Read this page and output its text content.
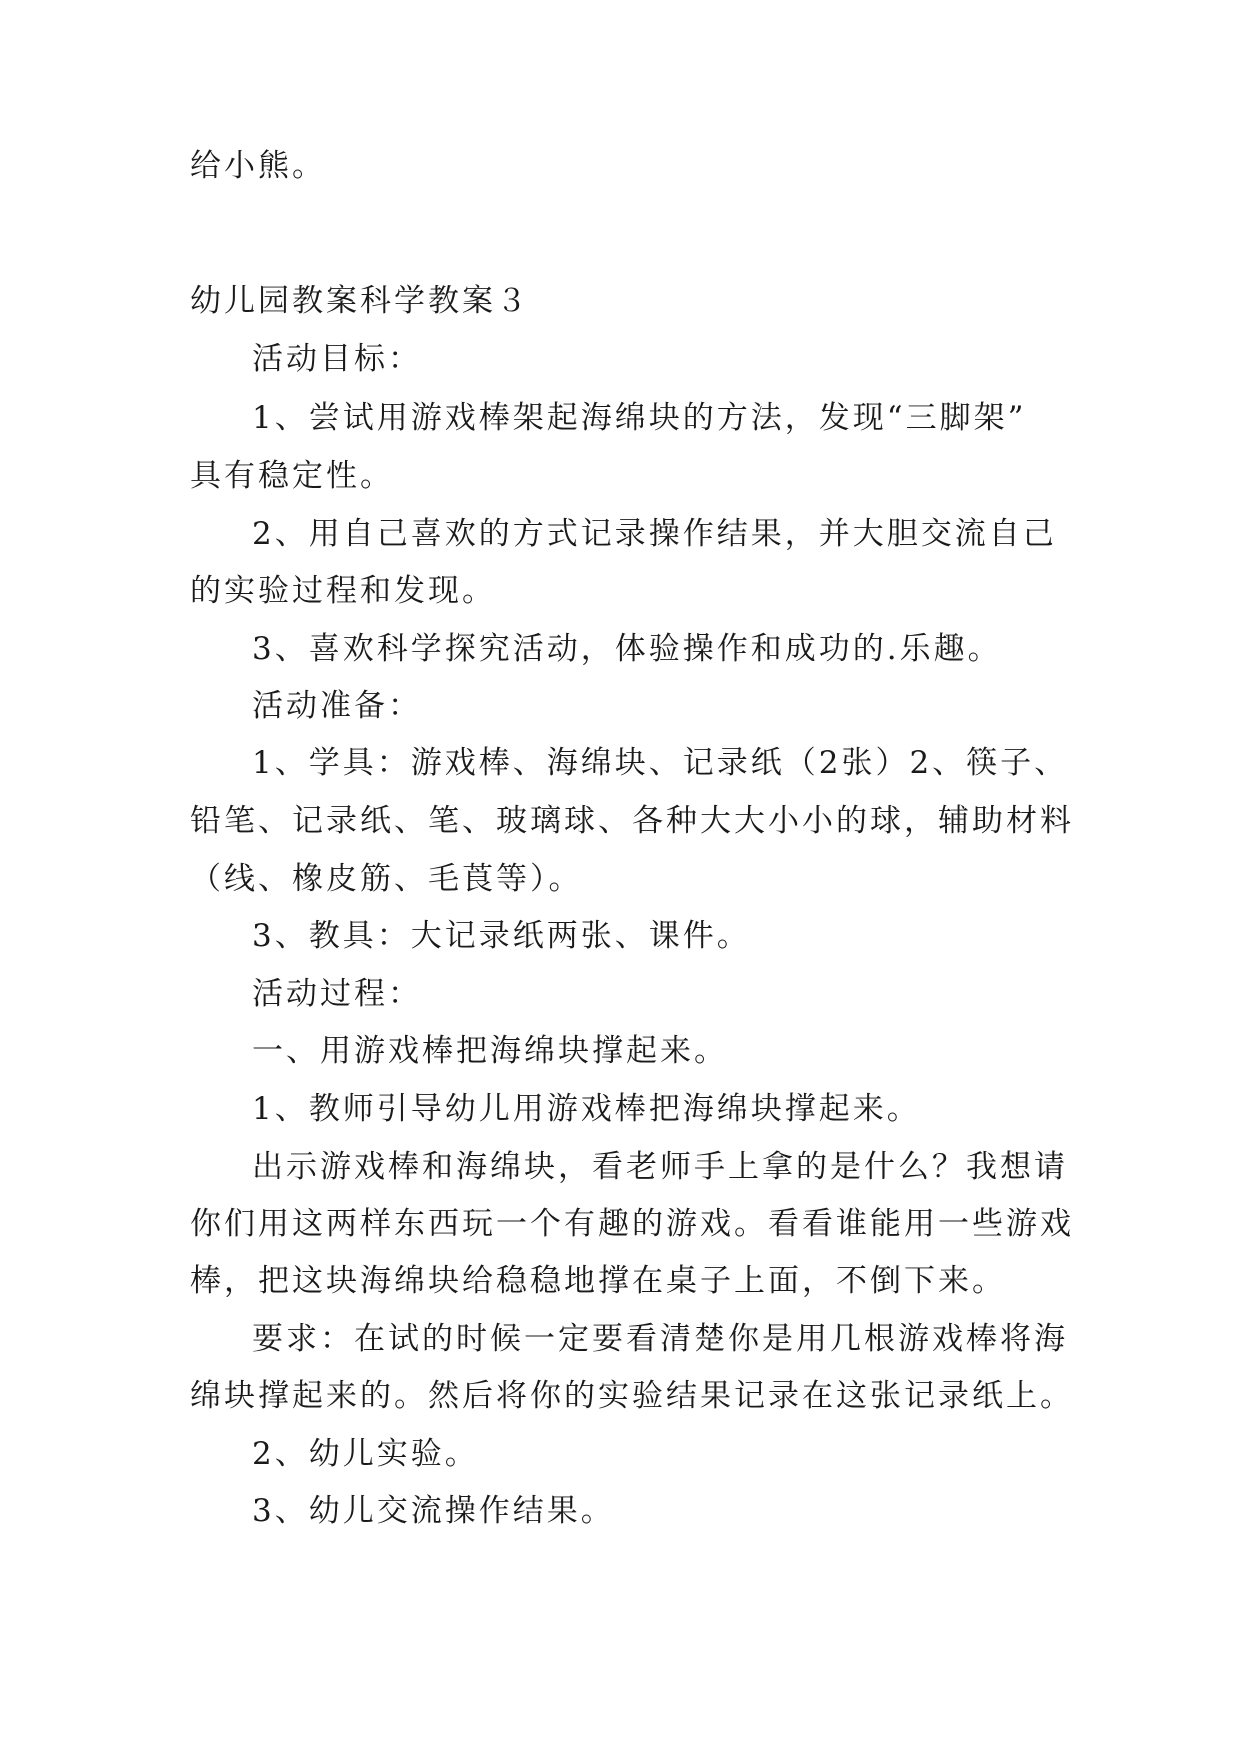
给小熊。
幼儿园教案科学教案３
活动目标：
1、尝试用游戏棒架起海绵块的方法，发现“三脚架”
具有稳定性。
2、用自己喜欢的方式记录操作结果，并大胆交流自己
的实验过程和发现。
3、喜欢科学探究活动，体验操作和成功的.乐趣。
活动准备：
1、学具：游戏棒、海绵块、记录纸（2张）2、筷子、
铅笔、记录纸、笔、玻璃球、各种大大小小的球，辅助材料
（线、橡皮筋、毛莨等）。
3、教具：大记录纸两张、课件。
活动过程：
一、用游戏棒把海绵块撑起来。
1、教师引导幼儿用游戏棒把海绵块撑起来。
出示游戏棒和海绵块，看老师手上拿的是什么？我想请
你们用这两样东西玩一个有趣的游戏。看看谁能用一些游戏
棒，把这块海绵块给稳稳地撑在桌子上面，不倒下来。
要求：在试的时候一定要看清楚你是用几根游戏棒将海
绵块撑起来的。然后将你的实验结果记录在这张记录纸上。
2、幼儿实验。
3、幼儿交流操作结果。
